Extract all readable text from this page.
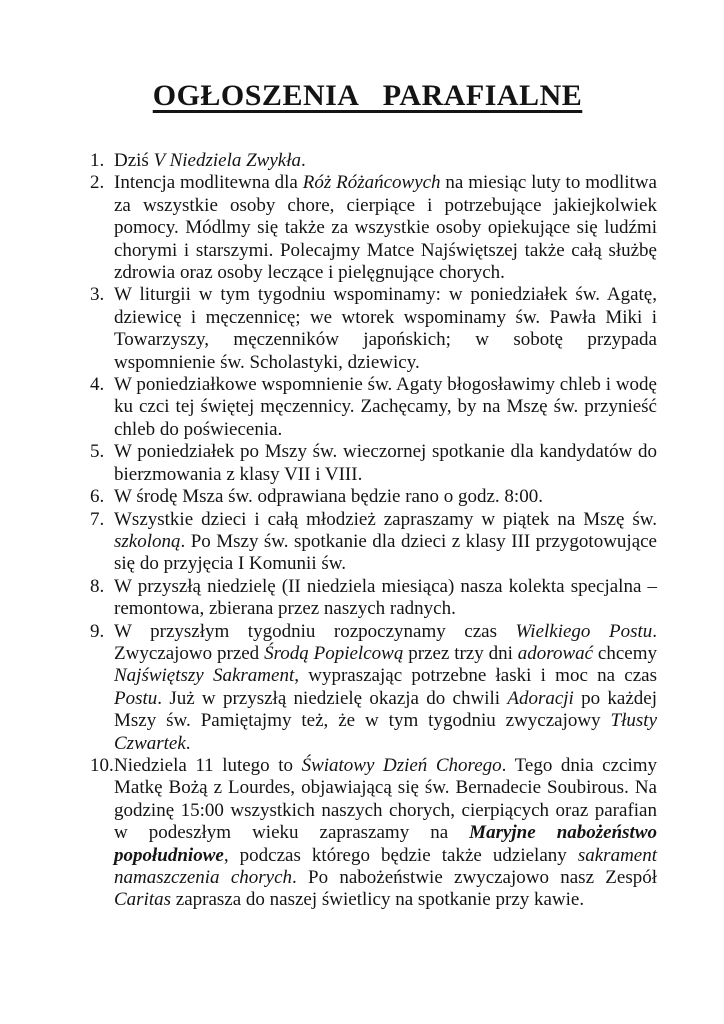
OGŁOSZENIA PARAFIALNE
1. Dziś V Niedziela Zwykła.
2. Intencja modlitewna dla Róż Różańcowych na miesiąc luty to modlitwa za wszystkie osoby chore, cierpiące i potrzebujące jakiejkolwiek pomocy. Módlmy się także za wszystkie osoby opiekujące się ludźmi chorymi i starszymi. Polecajmy Matce Najświętszej także całą służbę zdrowia oraz osoby leczące i pielęgnujące chorych.
3. W liturgii w tym tygodniu wspominamy: w poniedziałek św. Agatę, dziewicę i męczennicę; we wtorek wspominamy św. Pawła Miki i Towarzyszy, męczenników japońskich; w sobotę przypada wspomnienie św. Scholastyki, dziewicy.
4. W poniedziałkowe wspomnienie św. Agaty błogosławimy chleb i wodę ku czci tej świętej męczennicy. Zachęcamy, by na Mszę św. przynieść chleb do poświecenia.
5. W poniedziałek po Mszy św. wieczornej spotkanie dla kandydatów do bierzmowania z klasy VII i VIII.
6. W środę Msza św. odprawiana będzie rano o godz. 8:00.
7. Wszystkie dzieci i całą młodzież zapraszamy w piątek na Mszę św. szkoloną. Po Mszy św. spotkanie dla dzieci z klasy III przygotowujące się do przyjęcia I Komunii św.
8. W przyszłą niedzielę (II niedziela miesiąca) nasza kolekta specjalna – remontowa, zbierana przez naszych radnych.
9. W przyszłym tygodniu rozpoczynamy czas Wielkiego Postu. Zwyczajowo przed Środą Popielcową przez trzy dni adorować chcemy Najświętszy Sakrament, wypraszając potrzebne łaski i moc na czas Postu. Już w przyszłą niedzielę okazja do chwili Adoracji po każdej Mszy św. Pamiętajmy też, że w tym tygodniu zwyczajowy Tłusty Czwartek.
10.Niedziela 11 lutego to Światowy Dzień Chorego. Tego dnia czcimy Matkę Bożą z Lourdes, objawiającą się św. Bernadecie Soubirous. Na godzinę 15:00 wszystkich naszych chorych, cierpiących oraz parafian w podeszłym wieku zapraszamy na Maryjne nabożeństwo popołudniowe, podczas którego będzie także udzielany sakrament namaszczenia chorych. Po nabożeństwie zwyczajowo nasz Zespół Caritas zaprasza do naszej świetlicy na spotkanie przy kawie.
